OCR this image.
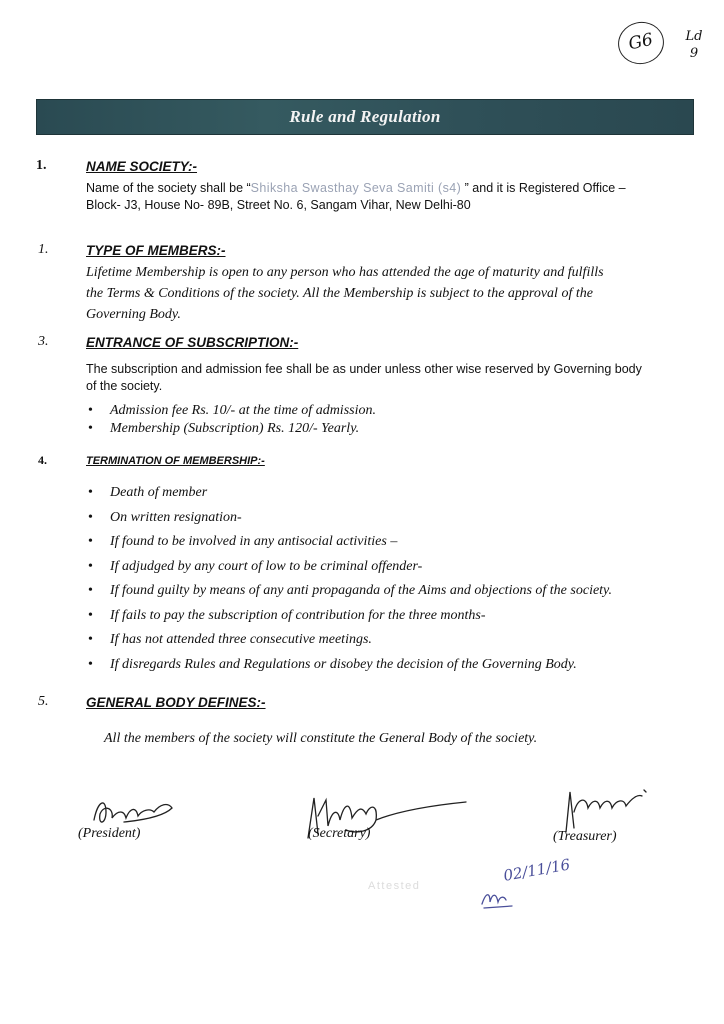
G6	Ld
9
Rule and Regulation
1.	NAME SOCIETY:-
Name of the society shall be “Shiksha Swasthay Seva Samiti (s4) ” and it is Registered Office –
Block- J3, House No- 89B, Street No. 6, Sangam Vihar, New Delhi-80
1.	TYPE OF MEMBERS:-
Lifetime Membership is open to any person who has attended the age of maturity and fulfills
the Terms & Conditions of the society. All the Membership is subject to the approval of the
Governing Body.
3.	ENTRANCE OF SUBSCRIPTION:-
The subscription and admission fee shall be as under unless other wise reserved by Governing body
of the society.
• Admission fee Rs. 10/- at the time of admission.
• Membership (Subscription) Rs. 120/- Yearly.
4.	TERMINATION OF MEMBERSHIP:-
• Death of member
• On written resignation-
• If found to be involved in any antisocial activities –
• If adjudged by any court of low to be criminal offender-
• If found guilty by means of any anti propaganda of the Aims and objections of the society.
• If fails to pay the subscription of contribution for the three months-
• If has not attended three consecutive meetings.
• If disregards Rules and Regulations or disobey the decision of the Governing Body.
5.	GENERAL BODY DEFINES:-
All the members of the society will constitute the General Body of the society.
(President)	(Secretary)	(Treasurer)
Attested
02/11/16
